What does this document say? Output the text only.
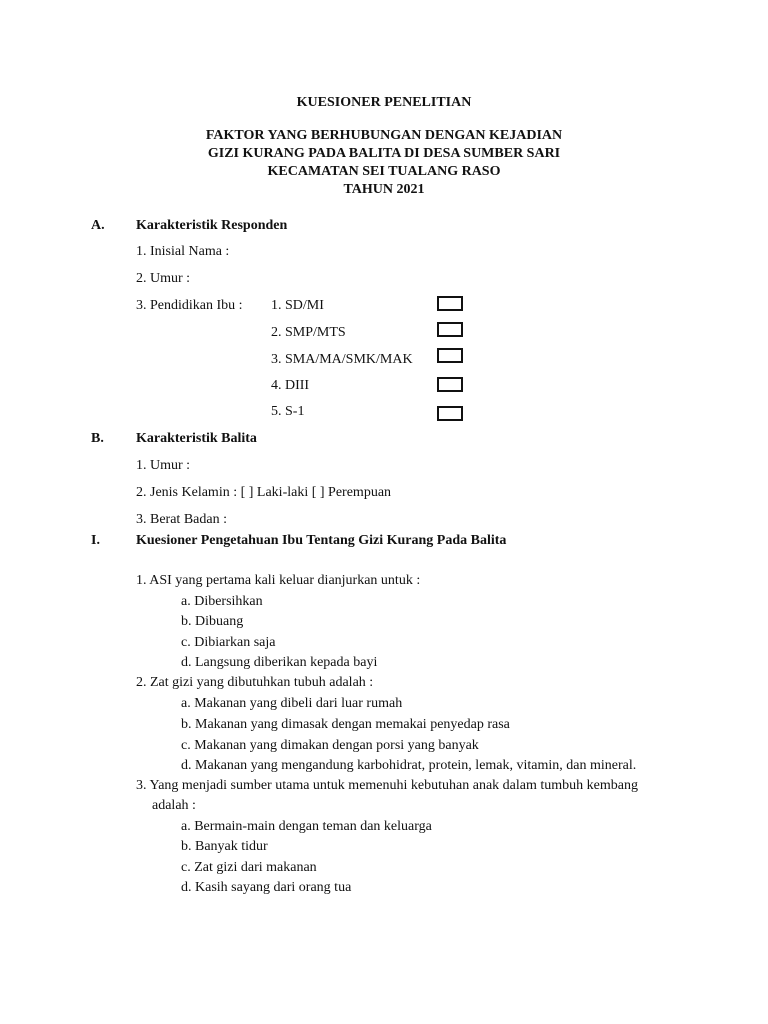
KUESIONER PENELITIAN
FAKTOR YANG BERHUBUNGAN DENGAN KEJADIAN
GIZI KURANG PADA BALITA DI DESA SUMBER SARI
KECAMATAN SEI TUALANG RASO
TAHUN 2021
A. Karakteristik Responden
1. Inisial Nama :
2. Umur :
3. Pendidikan Ibu : 1. SD/MI
2. SMP/MTS
3. SMA/MA/SMK/MAK
4. DIII
5. S-1
B. Karakteristik Balita
1. Umur :
2. Jenis Kelamin : [ ] Laki-laki [ ] Perempuan
3. Berat Badan :
I.	Kuesioner Pengetahuan Ibu Tentang Gizi Kurang Pada Balita
1. ASI yang pertama kali keluar dianjurkan untuk :
a. Dibersihkan
b. Dibuang
c. Dibiarkan saja
d. Langsung diberikan kepada bayi
2. Zat gizi yang dibutuhkan tubuh adalah :
a. Makanan yang dibeli dari luar rumah
b. Makanan yang dimasak dengan memakai penyedap rasa
c. Makanan yang dimakan dengan porsi yang banyak
d. Makanan yang mengandung karbohidrat, protein, lemak, vitamin, dan mineral.
3. Yang menjadi sumber utama untuk memenuhi kebutuhan anak dalam tumbuh kembang
adalah :
a. Bermain-main dengan teman dan keluarga
b. Banyak tidur
c. Zat gizi dari makanan
d. Kasih sayang dari orang tua
